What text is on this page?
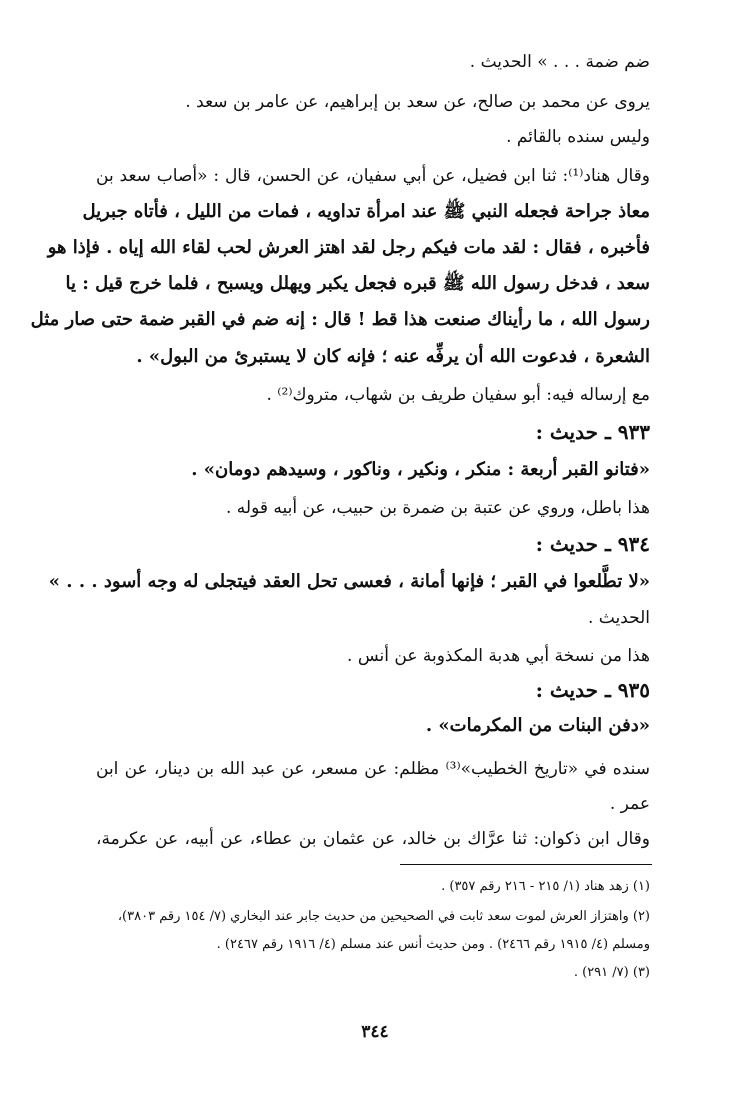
ضم ضمة . . . » الحديث .
يروى عن محمد بن صالح، عن سعد بن إبراهيم، عن عامر بن سعد .
وليس سنده بالقائم .
وقال هناد⁽¹⁾: ثنا ابن فضيل، عن أبي سفيان، عن الحسن، قال : «أصاب سعد بن
معاذ جراحة فجعله النبي ﷺ عند امرأة تداويه ، فمات من الليل ، فأتاه جبريل
فأخبره ، فقال : لقد مات فيكم رجل لقد اهتز العرش لحب لقاء الله إياه . فإذا هو
سعد ، فدخل رسول الله ﷺ قبره فجعل يكبر ويهلل ويسبح ، فلما خرج قيل : يا
رسول الله ، ما رأيناك صنعت هذا قط ! قال : إنه ضم في القبر ضمة حتى صار مثل
الشعرة ، فدعوت الله أن يرفِّه عنه ؛ فإنه كان لا يستبرئ من البول» .
مع إرساله فيه: أبو سفيان طريف بن شهاب، متروك⁽²⁾ .
٩٣٣ ـ حديث :
«فتانو القبر أربعة : منكر ، ونكير ، وناكور ، وسيدهم دومان» .
هذا باطل، وروي عن عتبة بن ضمرة بن حبيب، عن أبيه قوله .
٩٣٤ ـ حديث :
«لا تطَّلعوا في القبر ؛ فإنها أمانة ، فعسى تحل العقد فيتجلى له وجه أسود . . . »
الحديث .
هذا من نسخة أبي هدبة المكذوبة عن أنس .
٩٣٥ ـ حديث :
«دفن البنات من المكرمات» .
سنده في «تاريخ الخطيب»⁽³⁾ مظلم: عن مسعر، عن عبد الله بن دينار، عن ابن
عمر .
وقال ابن ذكوان: ثنا عرَّاك بن خالد، عن عثمان بن عطاء، عن أبيه، عن عكرمة،
(١) زهد هناد (١/ ٢١٥ - ٢١٦ رقم ٣٥٧) .
(٢) واهتزاز العرش لموت سعد ثابت في الصحيحين من حديث جابر عند البخاري (٧/ ١٥٤ رقم ٣٨٠٣)،
ومسلم (٤/ ١٩١٥ رقم ٢٤٦٦) . ومن حديث أنس عند مسلم (٤/ ١٩١٦ رقم ٢٤٦٧) .
(٣) (٧/ ٢٩١) .
٣٤٤
